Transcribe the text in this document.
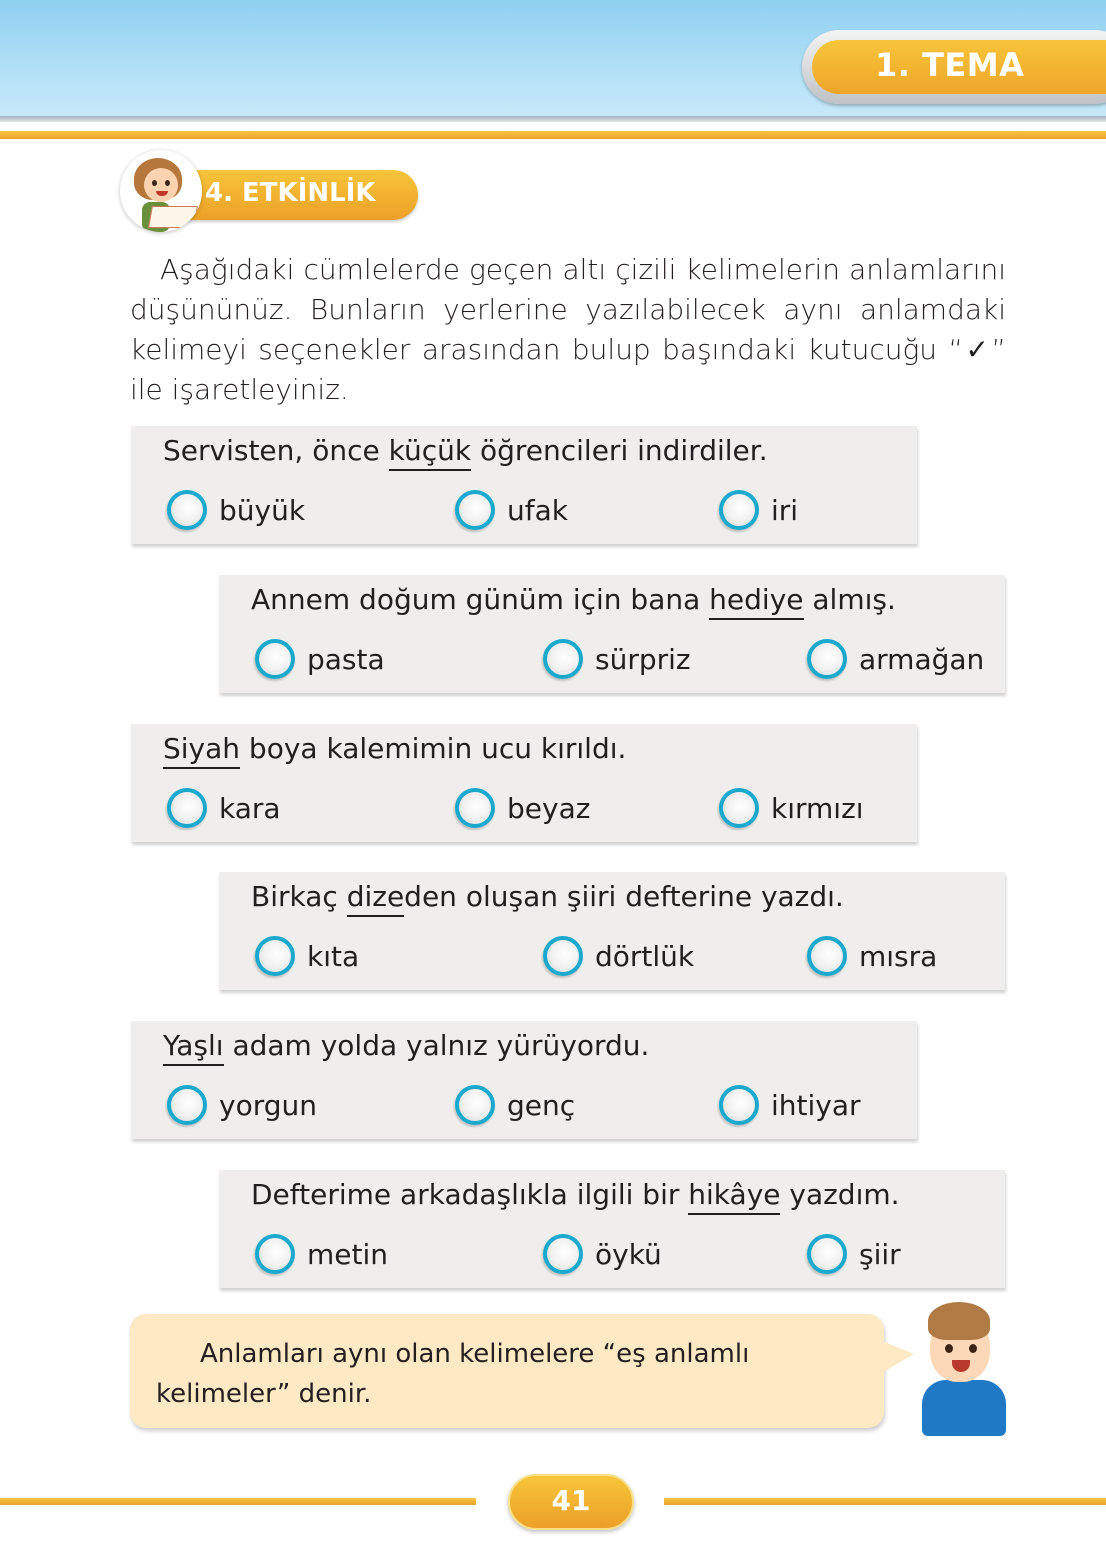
1. TEMA
4. ETKİNLİK

Aşağıdaki cümlelerde geçen altı çizili kelimelerin anlamlarını düşününüz. Bunların yerlerine yazılabilecek aynı anlamdaki kelimeyi seçenekler arasından bulup başındaki kutucuğu “✓” ile işaretleyiniz.

Servisten, önce küçük öğrencileri indirdiler.
büyük	ufak	iri
Annem doğum günüm için bana hediye almış.
pasta	sürpriz	armağan
Siyah boya kalemimin ucu kırıldı.
kara	beyaz	kırmızı
Birkaç dizeden oluşan şiiri defterine yazdı.
kıta	dörtlük	mısra
Yaşlı adam yolda yalnız yürüyordu.
yorgun	genç	ihtiyar
Defterime arkadaşlıkla ilgili bir hikâye yazdım.
metin	öykü	şiir

Anlamları aynı olan kelimelere “eş anlamlı kelimeler” denir.

41
